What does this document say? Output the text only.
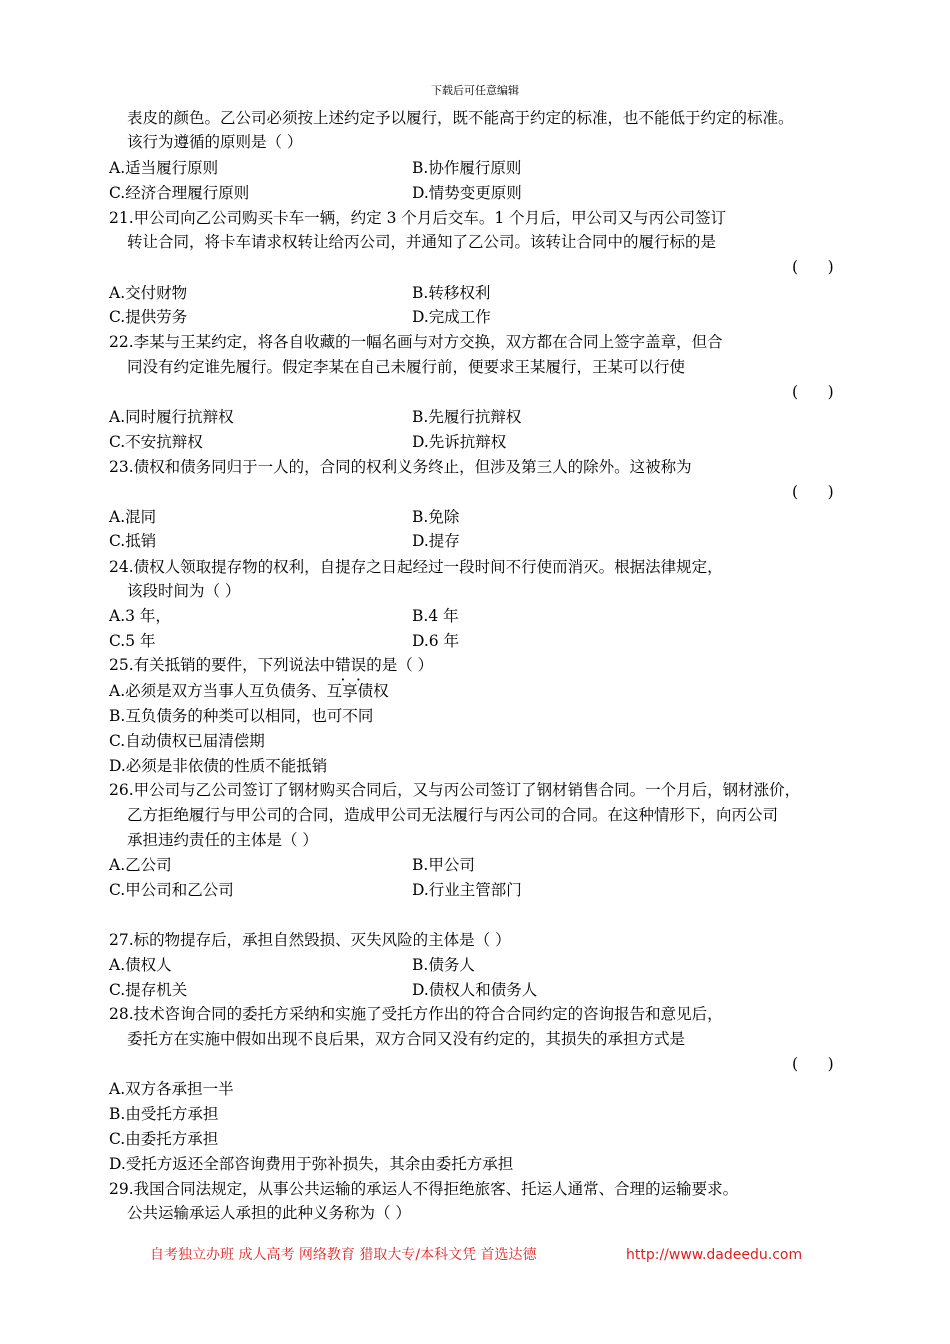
下载后可任意编辑
表皮的颜色。乙公司必须按上述约定予以履行，既不能高于约定的标准，也不能低于约定的标准。
该行为遵循的原则是（ ）
A.适当履行原则	B.协作履行原则
C.经济合理履行原则	D.情势变更原则
21.甲公司向乙公司购买卡车一辆，约定 3 个月后交车。1 个月后，甲公司又与丙公司签订
转让合同，将卡车请求权转让给丙公司，并通知了乙公司。该转让合同中的履行标的是
(      )
A.交付财物	B.转移权利
C.提供劳务	D.完成工作
22.李某与王某约定，将各自收藏的一幅名画与对方交换，双方都在合同上签字盖章，但合
同没有约定谁先履行。假定李某在自己未履行前，便要求王某履行，王某可以行使
(      )
A.同时履行抗辩权	B.先履行抗辩权
C.不安抗辩权	D.先诉抗辩权
23.债权和债务同归于一人的，合同的权利义务终止，但涉及第三人的除外。这被称为
(      )
A.混同	B.免除
C.抵销	D.提存
24.债权人领取提存物的权利，自提存之日起经过一段时间不行使而消灭。根据法律规定，
该段时间为（ ）
A.3 年，	B.4 年
C.5 年	D.6 年
25.有关抵销的要件，下列说法中错误的是（ ）
A.必须是双方当事人互负债务、互享债权
B.互负债务的种类可以相同，也可不同
C.自动债权已届清偿期
D.必须是非依债的性质不能抵销
26.甲公司与乙公司签订了钢材购买合同后，又与丙公司签订了钢材销售合同。一个月后，钢材涨价，
乙方拒绝履行与甲公司的合同，造成甲公司无法履行与丙公司的合同。在这种情形下，向丙公司
承担违约责任的主体是（ ）
A.乙公司	B.甲公司
C.甲公司和乙公司	D.行业主管部门
27.标的物提存后，承担自然毁损、灭失风险的主体是（ ）
A.债权人	B.债务人
C.提存机关	D.债权人和债务人
28.技术咨询合同的委托方采纳和实施了受托方作出的符合合同约定的咨询报告和意见后，
委托方在实施中假如出现不良后果，双方合同又没有约定的，其损失的承担方式是
(      )
A.双方各承担一半
B.由受托方承担
C.由委托方承担
D.受托方返还全部咨询费用于弥补损失，其余由委托方承担
29.我国合同法规定，从事公共运输的承运人不得拒绝旅客、托运人通常、合理的运输要求。
公共运输承运人承担的此种义务称为（ ）
自考独立办班 成人高考 网络教育 猎取大专/本科文凭 首选达德	http://www.dadeedu.com
